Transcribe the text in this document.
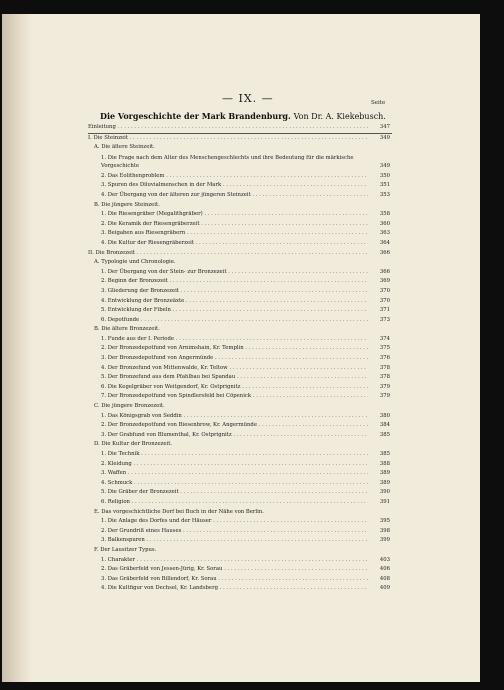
— IX. —	Seite
Die Vorgeschichte der Mark Brandenburg. Von Dr. A. Kiekebusch.
Einleitung . . .	347
I. Die Steinzeit . . .	349
A. Die ältere Steinzeit.
1. Die Frage nach dem Alter des Menschengeschlechts und ihre Bedeutung für die märkische Vorgeschichte	349
2. Das Eolithenproblem . . .	350
3. Spuren des Diluvialmenschen in der Mark . . .	351
4. Der Übergang von der älteren zur jüngeren Steinzeit . . .	353
B. Die jüngere Steinzeit.
1. Die Riesengräber (Megalithgräber) . . .	358
2. Die Keramik der Riesengräberzeit . . .	360
3. Beigaben aus Riesengräbern . . .	363
4. Die Kultur der Riesengräberzeit . . .	364
II. Die Bronzezeit . . .	366
A. Typologie und Chronologie.
1. Der Übergang von der Stein- zur Bronzezeit . . .	366
2. Beginn der Bronzezeit . . .	369
3. Gliederung der Bronzezeit . . .	370
4. Entwicklung der Bronzeäxte . . .	370
5. Entwicklung der Fibeln . . .	371
6. Depotfunde . . .	373
B. Die ältere Bronzezeit.
1. Funde aus der I. Periode . . .	374
2. Der Bronzedepotfund von Arnimshain, Kr. Templin . . .	375
3. Der Bronzedepotfund von Angermünde . . .	376
4. Der Bronzefund von Mittenwalde, Kr. Teltow . . .	378
5. Der Bronzefund aus dem Pfahlbau bei Spandau . . .	378
6. Die Kegelgräber von Weitgendorf, Kr. Ostprignitz . . .	379
7. Der Bronzedepotfund von Spindlersfeld bei Cöpenick . . .	379
C. Die jüngere Bronzezeit.
1. Das Königsgrab von Seddin . . .	380
2. Der Bronzedepotfund von Biesenbrow, Kr. Angermünde . . .	384
3. Der Grabfund von Blumenthal, Kr. Ostprignitz . . .	385
D. Die Kultur der Bronzezeit.
1. Die Technik . . .	385
2. Kleidung . . .	388
3. Waffen . . .	389
4. Schmuck . . .	389
5. Die Gräber der Bronzezeit . . .	390
6. Religion . . .	391
E. Das vorgeschichtliche Dorf bei Buch in der Nähe von Berlin.
1. Die Anlage des Dorfes und der Häuser . . .	395
2. Der Grundriß eines Hauses . . .	398
3. Balkenspuren . . .	399
F. Der Lausitzer Typus.
1. Charakter . . .	403
2. Das Gräberfeld von Jessen-Jürig, Kr. Sorau . . .	406
3. Das Gräberfeld von Billendorf, Kr. Sorau . . .	408
4. Die Kultfigur von Dechsel, Kr. Landsberg . . .	409
